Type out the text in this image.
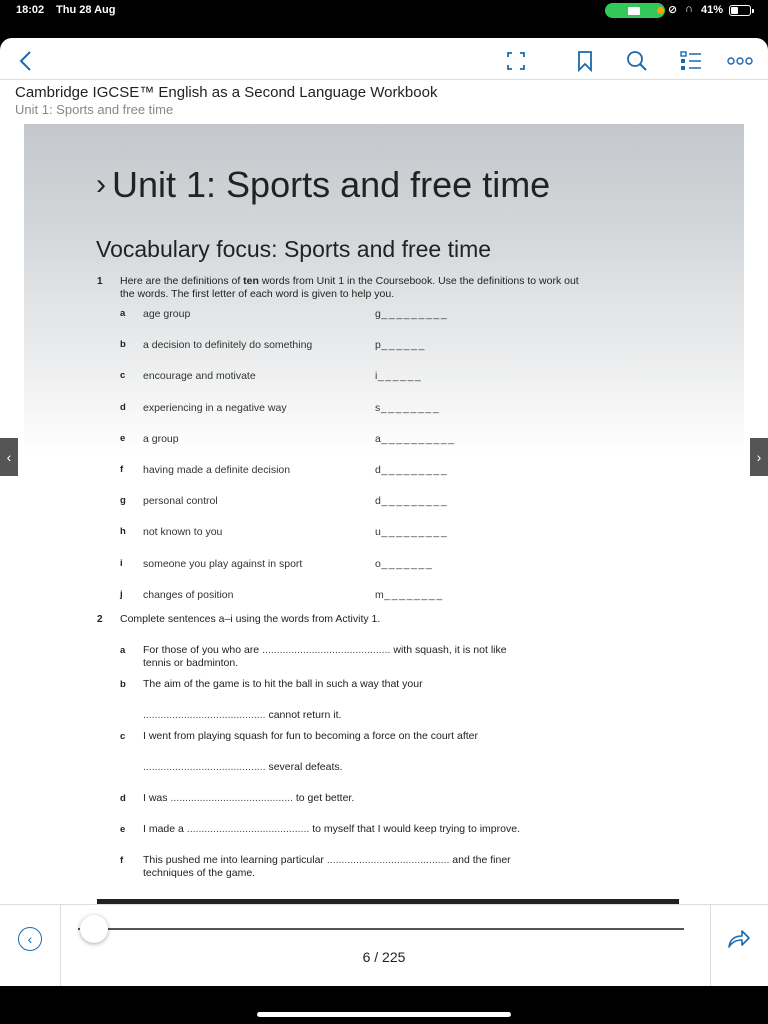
18:02 Thu 28 Aug	⊘ ∩ 41%
Cambridge IGCSE™ English as a Second Language Workbook
Unit 1: Sports and free time
› Unit 1: Sports and free time
Vocabulary focus: Sports and free time
1 Here are the definitions of ten words from Unit 1 in the Coursebook. Use the definitions to work out the words. The first letter of each word is given to help you.
a age group	g_________
b a decision to definitely do something	p______
c encourage and motivate	i______
d experiencing in a negative way	s________
e a group	a__________
f having made a definite decision	d_________
g personal control	d_________
h not known to you	u_________
i someone you play against in sport	o_______
j changes of position	m________
2 Complete sentences a–i using the words from Activity 1.
a For those of you who are ............................................ with squash, it is not like
tennis or badminton.
b The aim of the game is to hit the ball in such a way that your
.......................................... cannot return it.
c I went from playing squash for fun to becoming a force on the court after
.......................................... several defeats.
d I was .......................................... to get better.
e I made a .......................................... to myself that I would keep trying to improve.
f This pushed me into learning particular .......................................... and the finer
techniques of the game.
‹	›
‹
6 / 225
